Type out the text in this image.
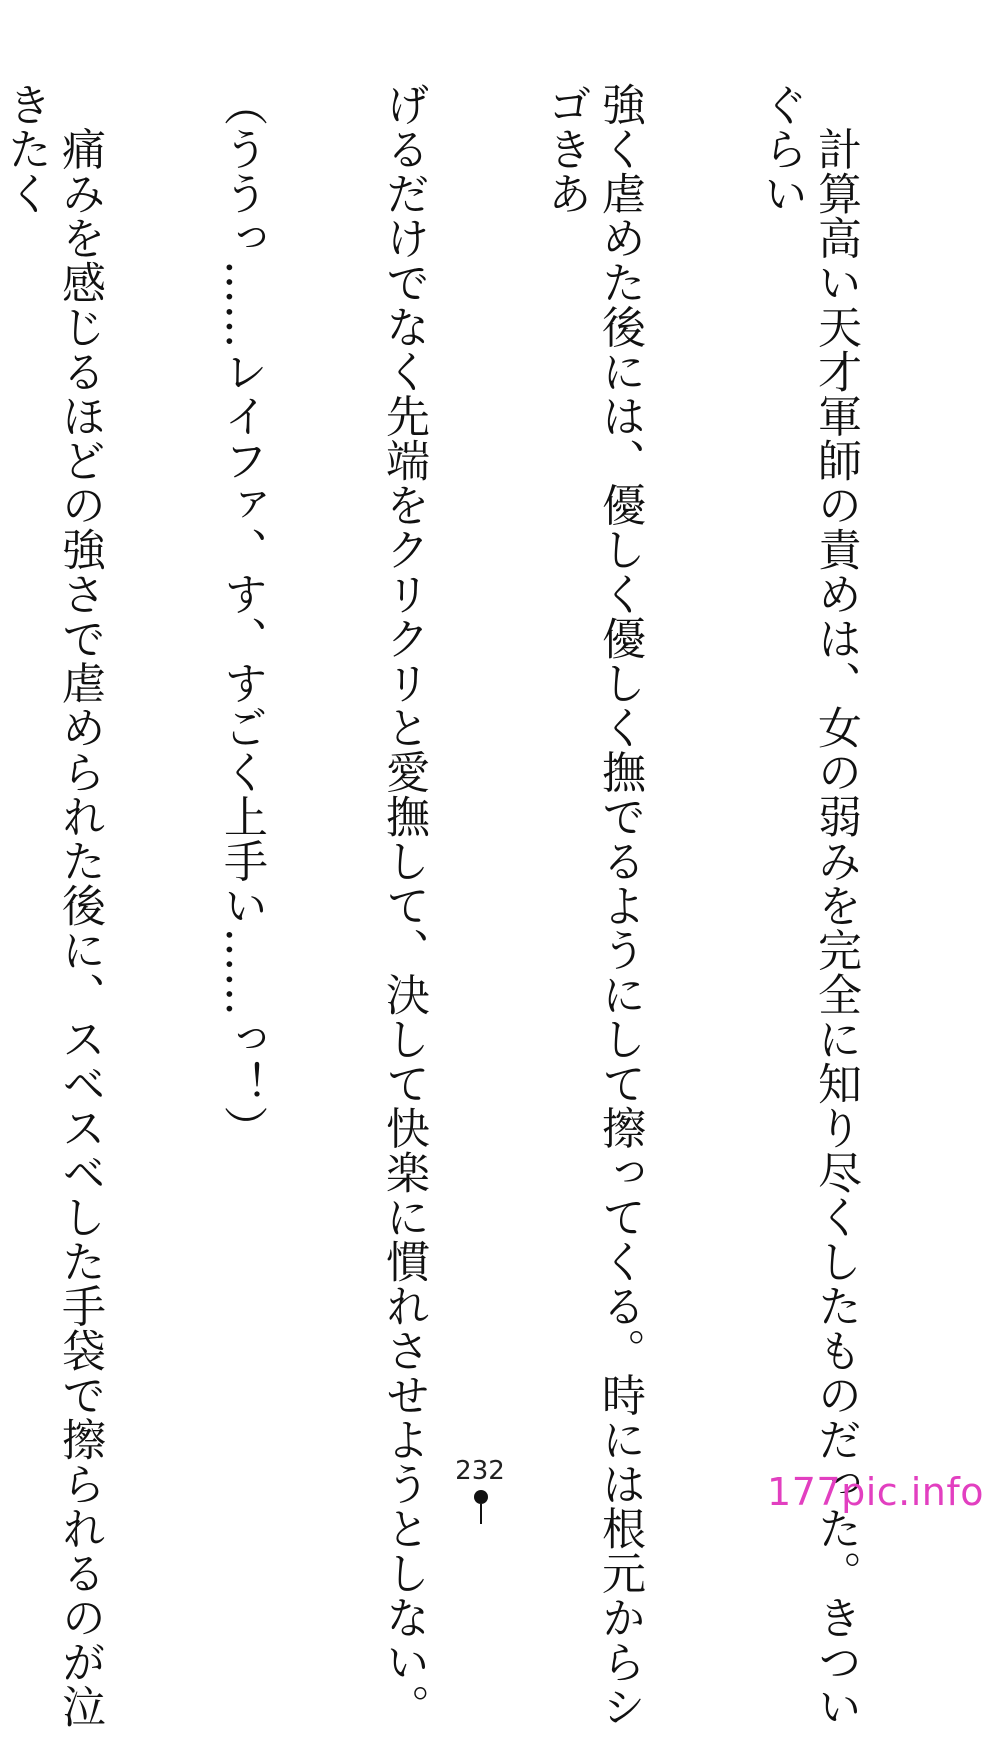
　計算高い天才軍師の責めは、女の弱みを完全に知り尽くしたものだった。きついぐらい

強く虐めた後には、優しく優しく撫でるようにして擦ってくる。時には根元からシゴきあ

げるだけでなく先端をクリクリと愛撫して、決して快楽に慣れさせようとしない。

（ううっ……レイファ、す、すごく上手い……っ！）

　痛みを感じるほどの強さで虐められた後に、スベスベした手袋で擦られるのが泣きたく

232	177pic.info
